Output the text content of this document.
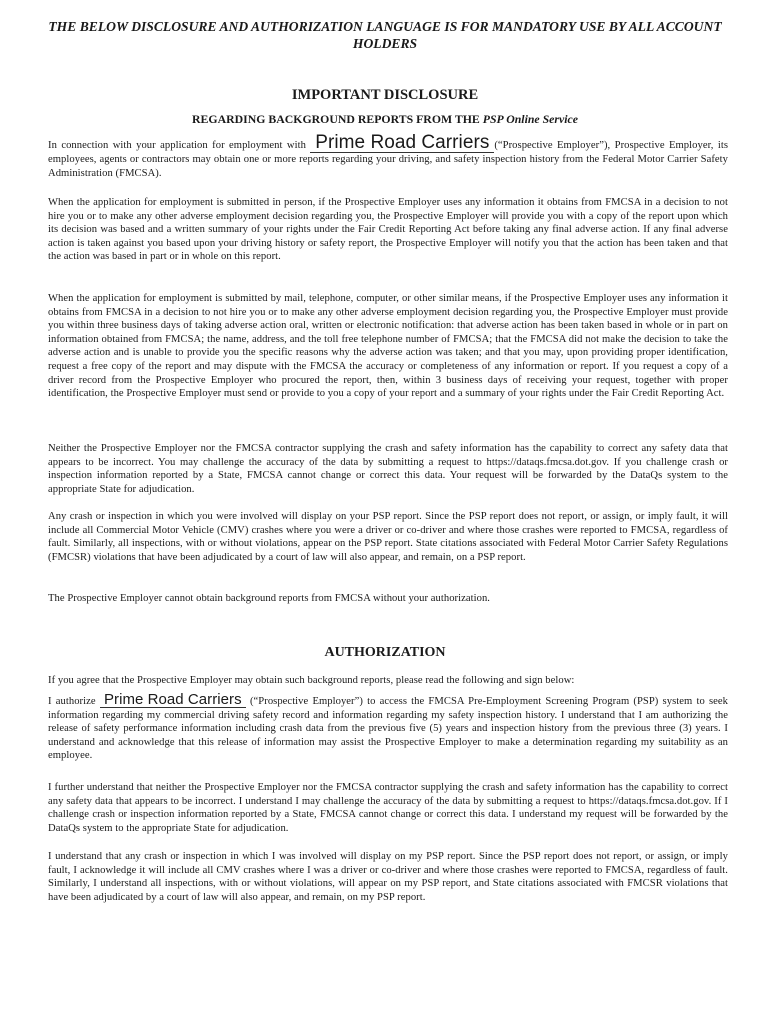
THE BELOW DISCLOSURE AND AUTHORIZATION LANGUAGE IS FOR MANDATORY USE BY ALL ACCOUNT HOLDERS

IMPORTANT DISCLOSURE

REGARDING BACKGROUND REPORTS FROM THE PSP Online Service

In connection with your application for employment with Prime Road Carriers (“Prospective Employer”), Prospective Employer, its employees, agents or contractors may obtain one or more reports regarding your driving, and safety inspection history from the Federal Motor Carrier Safety Administration (FMCSA).

When the application for employment is submitted in person, if the Prospective Employer uses any information it obtains from FMCSA in a decision to not hire you or to make any other adverse employment decision regarding you, the Prospective Employer will provide you with a copy of the report upon which its decision was based and a written summary of your rights under the Fair Credit Reporting Act before taking any final adverse action. If any final adverse action is taken against you based upon your driving history or safety report, the Prospective Employer will notify you that the action has been taken and that the action was based in part or in whole on this report.

When the application for employment is submitted by mail, telephone, computer, or other similar means, if the Prospective Employer uses any information it obtains from FMCSA in a decision to not hire you or to make any other adverse employment decision regarding you, the Prospective Employer must provide you within three business days of taking adverse action oral, written or electronic notification: that adverse action has been taken based in whole or in part on information obtained from FMCSA; the name, address, and the toll free telephone number of FMCSA; that the FMCSA did not make the decision to take the adverse action and is unable to provide you the specific reasons why the adverse action was taken; and that you may, upon providing proper identification, request a free copy of the report and may dispute with the FMCSA the accuracy or completeness of any information or report. If you request a copy of a driver record from the Prospective Employer who procured the report, then, within 3 business days of receiving your request, together with proper identification, the Prospective Employer must send or provide to you a copy of your report and a summary of your rights under the Fair Credit Reporting Act.

Neither the Prospective Employer nor the FMCSA contractor supplying the crash and safety information has the capability to correct any safety data that appears to be incorrect. You may challenge the accuracy of the data by submitting a request to https://dataqs.fmcsa.dot.gov. If you challenge crash or inspection information reported by a State, FMCSA cannot change or correct this data. Your request will be forwarded by the DataQs system to the appropriate State for adjudication.

Any crash or inspection in which you were involved will display on your PSP report. Since the PSP report does not report, or assign, or imply fault, it will include all Commercial Motor Vehicle (CMV) crashes where you were a driver or co-driver and where those crashes were reported to FMCSA, regardless of fault. Similarly, all inspections, with or without violations, appear on the PSP report. State citations associated with Federal Motor Carrier Safety Regulations (FMCSR) violations that have been adjudicated by a court of law will also appear, and remain, on a PSP report.

The Prospective Employer cannot obtain background reports from FMCSA without your authorization.

AUTHORIZATION

If you agree that the Prospective Employer may obtain such background reports, please read the following and sign below:

I authorize Prime Road Carriers (“Prospective Employer”) to access the FMCSA Pre-Employment Screening Program (PSP) system to seek information regarding my commercial driving safety record and information regarding my safety inspection history. I understand that I am authorizing the release of safety performance information including crash data from the previous five (5) years and inspection history from the previous three (3) years. I understand and acknowledge that this release of information may assist the Prospective Employer to make a determination regarding my suitability as an employee.

I further understand that neither the Prospective Employer nor the FMCSA contractor supplying the crash and safety information has the capability to correct any safety data that appears to be incorrect. I understand I may challenge the accuracy of the data by submitting a request to https://dataqs.fmcsa.dot.gov. If I challenge crash or inspection information reported by a State, FMCSA cannot change or correct this data. I understand my request will be forwarded by the DataQs system to the appropriate State for adjudication.

I understand that any crash or inspection in which I was involved will display on my PSP report. Since the PSP report does not report, or assign, or imply fault, I acknowledge it will include all CMV crashes where I was a driver or co-driver and where those crashes were reported to FMCSA, regardless of fault. Similarly, I understand all inspections, with or without violations, will appear on my PSP report, and State citations associated with FMCSR violations that have been adjudicated by a court of law will also appear, and remain, on my PSP report.
